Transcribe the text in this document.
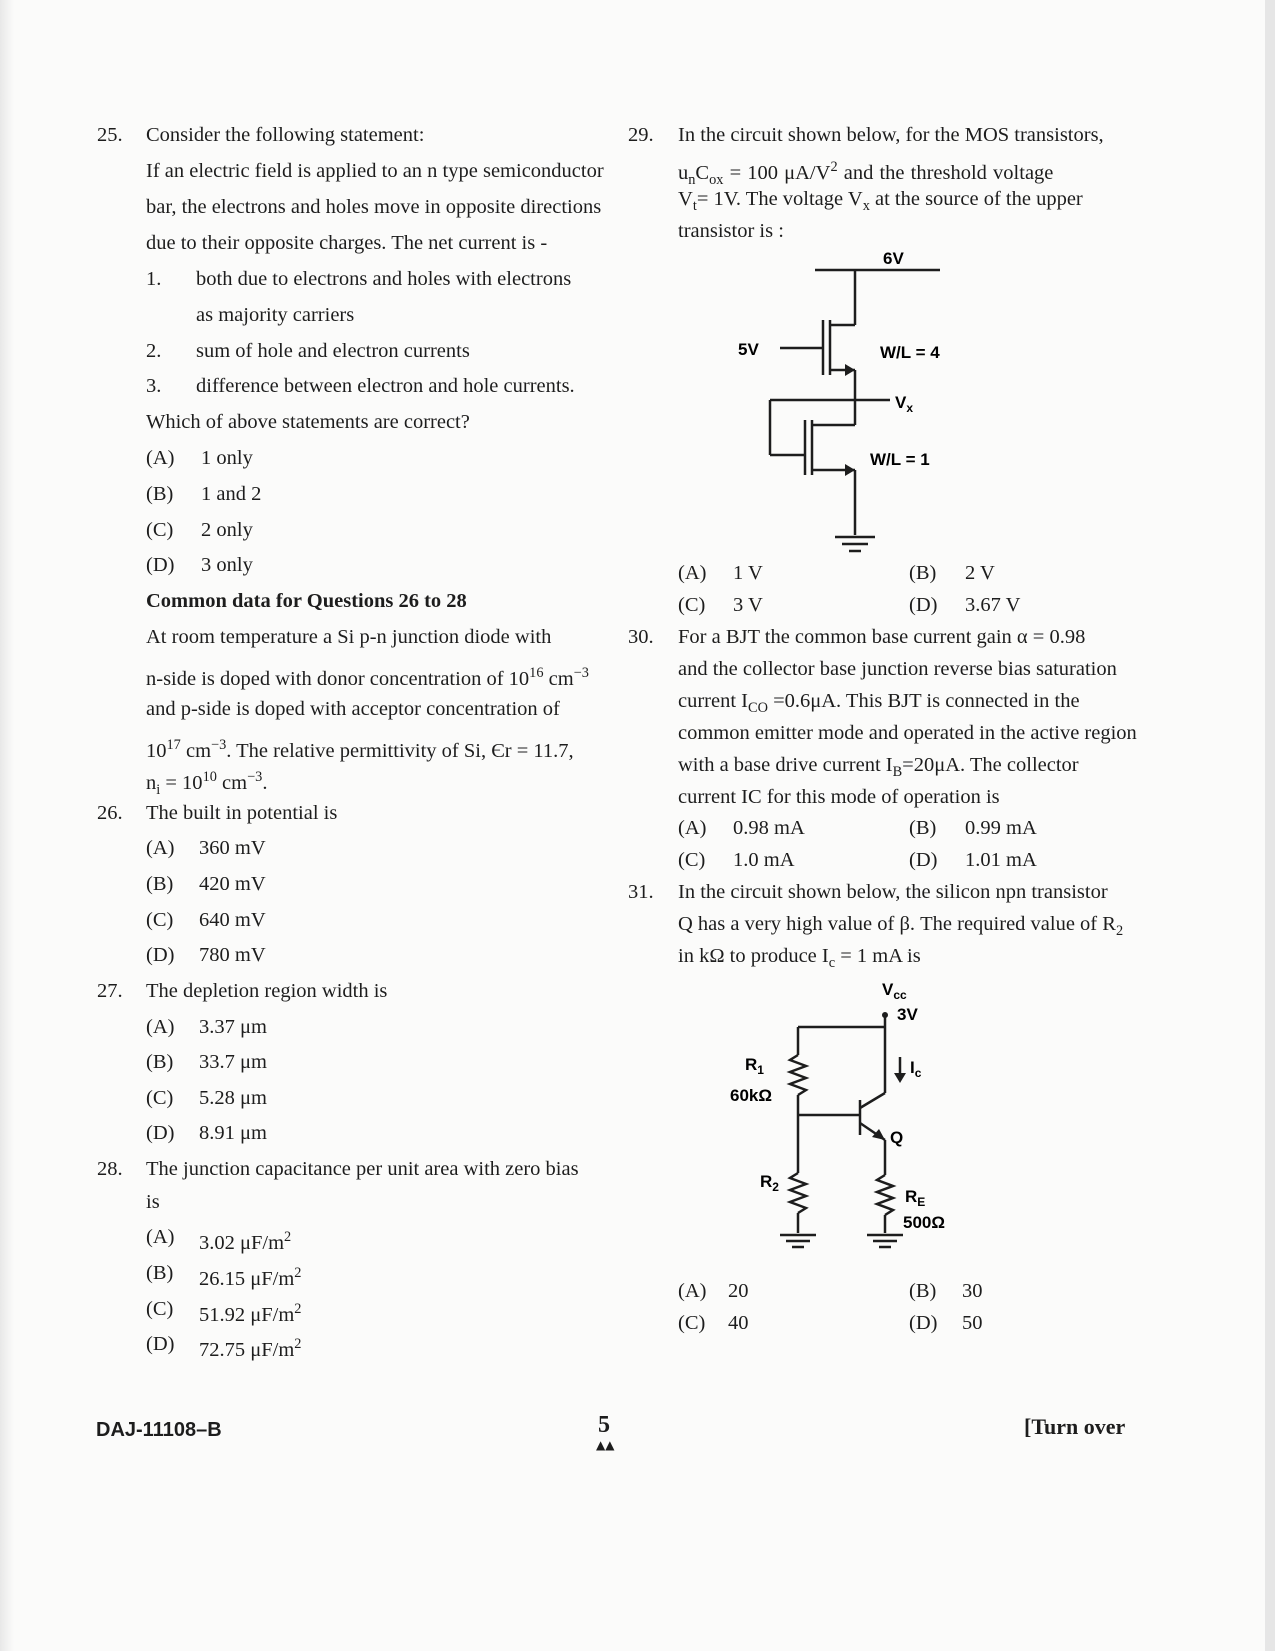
25. Consider the following statement:
If an electric field is applied to an n type semiconductor
bar, the electrons and holes move in opposite directions
due to their opposite charges. The net current is -
1. both due to electrons and holes with electrons
as majority carriers
2. sum of hole and electron currents
3. difference between electron and hole currents.
Which of above statements are correct?
(A) 1 only
(B) 1 and 2
(C) 2 only
(D) 3 only
Common data for Questions 26 to 28
At room temperature a Si p-n junction diode with
n-side is doped with donor concentration of $10^{16}$ $cm^{-3}$
and p-side is doped with acceptor concentration of
$10^{17}$ $cm^{-3}$. The relative permittivity of Si, Єr = 11.7,
$n_i = 10^{10}$ $cm^{-3}$.
26. The built in potential is
(A) 360 mV
(B) 420 mV
(C) 640 mV
(D) 780 mV
27. The depletion region width is
(A) 3.37 μm
(B) 33.7 μm
(C) 5.28 μm
(D) 8.91 μm
28. The junction capacitance per unit area with zero bias
is
(A) 3.02 $\mu F/m^2$
(B) 26.15 $\mu F/m^2$
(C) 51.92 $\mu F/m^2$
(D) 72.75 $\mu F/m^2$
29. In the circuit shown below, for the MOS transistors,
$u_nC_{ox} = 100$ $\mu A/V^2$ and the threshold voltage
$V_t= 1V$. The voltage $V_x$ at the source of the upper
transistor is :
6V
5V	W/L = 4
$V_x$
W/L = 1
(A) 1 V	(B) 2 V
(C) 3 V	(D) 3.67 V
30. For a BJT the common base current gain α = 0.98
and the collector base junction reverse bias saturation
current $I_{CO} =0.6\mu A$. This BJT is connected in the
common emitter mode and operated in the active region
with a base drive current $I_B=20\mu A$. The collector
current IC for this mode of operation is
(A) 0.98 mA	(B) 0.99 mA
(C) 1.0 mA	(D) 1.01 mA
31. In the circuit shown below, the silicon npn transistor
Q has a very high value of β. The required value of $R_2$
in kΩ to produce $I_c = 1$ mA is
$V_{cc}$
3V
$R_1$
60kΩ
$I_c$
Q
$R_2$	$R_E$
500Ω
(A) 20	(B) 30
(C) 40	(D) 50
DAJ-11108–B	5
▲▲
[Turn over
